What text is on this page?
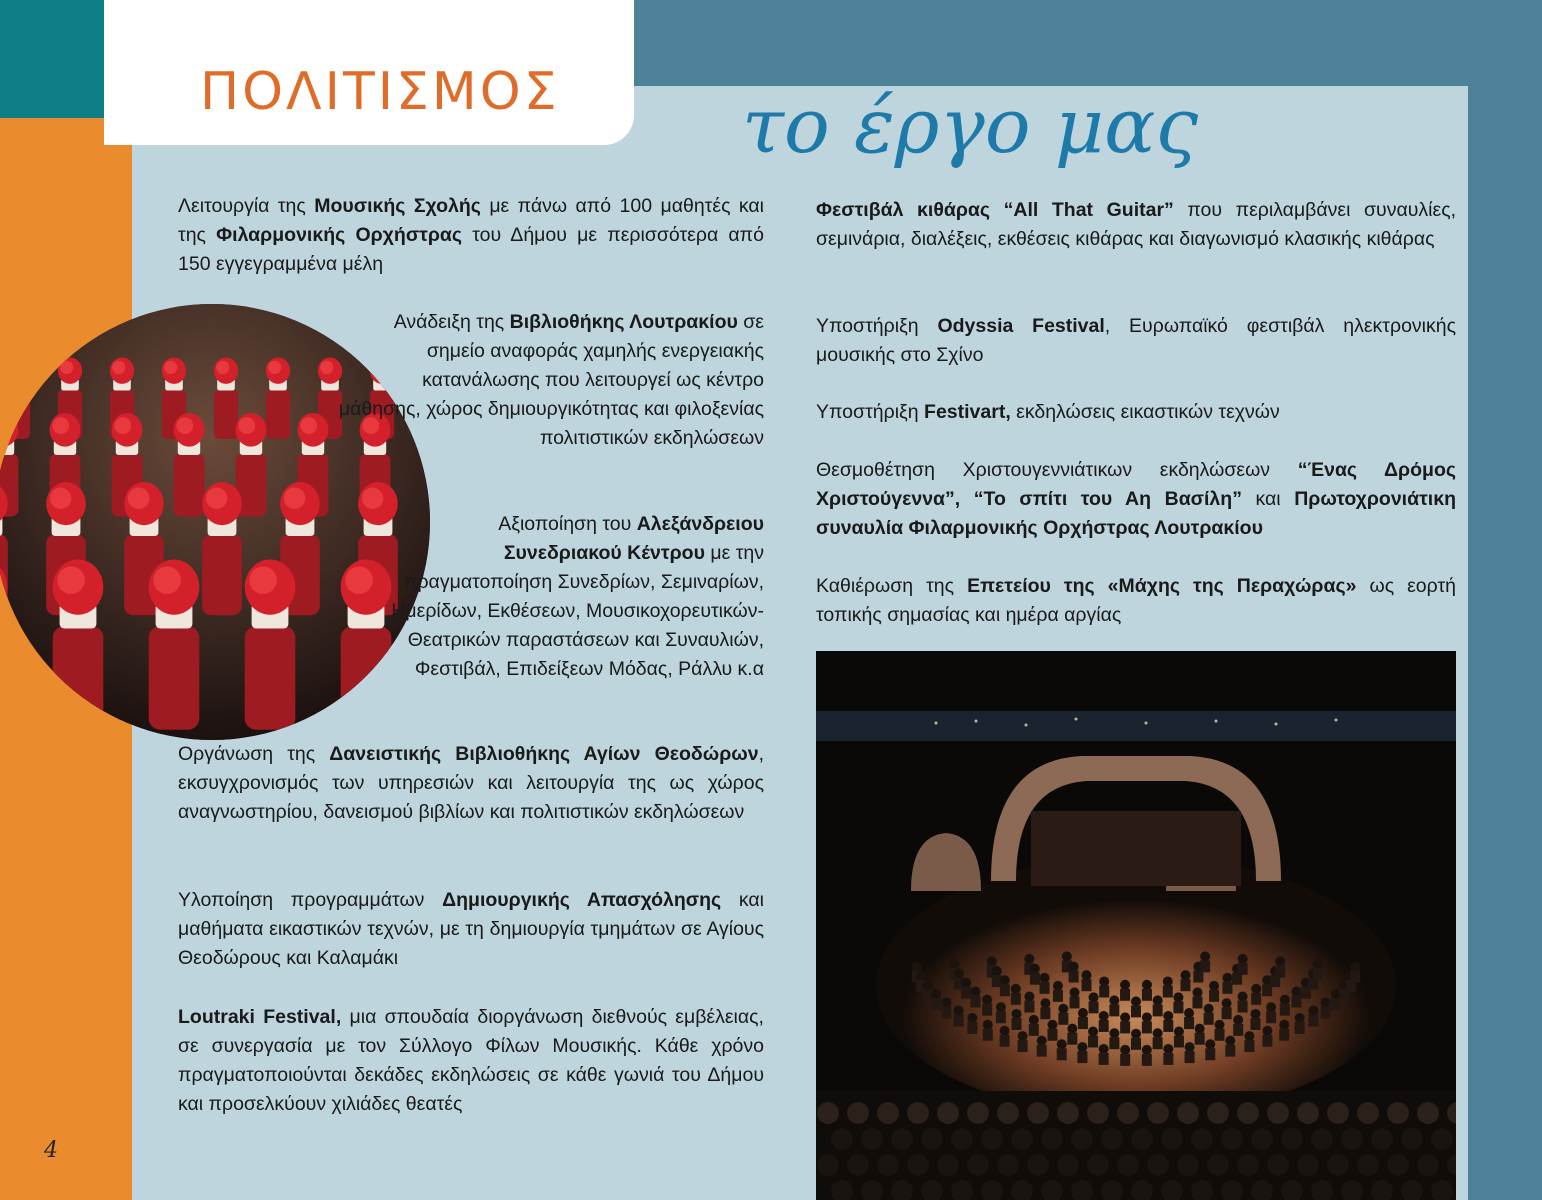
ΠΟΛΙΤΙΣΜΟΣ το έργο μας

Λειτουργία της Μουσικής Σχολής με πάνω από 100 μαθητές και της Φιλαρμονικής Ορχήστρας του Δήμου με περισσότερα από 150 εγγεγραμμένα μέλη

Ανάδειξη της Βιβλιοθήκης Λουτρακίου σε σημείο αναφοράς χαμηλής ενεργειακής κατανάλωσης που λειτουργεί ως κέντρο μάθησης, χώρος δημιουργικότητας και φιλοξενίας πολιτιστικών εκδηλώσεων

Αξιοποίηση του Αλεξάνδρειου Συνεδριακού Κέντρου με την πραγματοποίηση Συνεδρίων, Σεμιναρίων, Ημερίδων, Εκθέσεων, Μουσικοχορευτικών-Θεατρικών παραστάσεων και Συναυλιών, Φεστιβάλ, Επιδείξεων Μόδας, Ράλλυ κ.α

Οργάνωση της Δανειστικής Βιβλιοθήκης Αγίων Θεοδώρων, εκσυγχρονισμός των υπηρεσιών και λειτουργία της ως χώρος αναγνωστηρίου, δανεισμού βιβλίων και πολιτιστικών εκδηλώσεων

Υλοποίηση προγραμμάτων Δημιουργικής Απασχόλησης και μαθήματα εικαστικών τεχνών, με τη δημιουργία τμημάτων σε Αγίους Θεοδώρους και Καλαμάκι

Loutraki Festival, μια σπουδαία διοργάνωση διεθνούς εμβέλειας, σε συνεργασία με τον Σύλλογο Φίλων Μουσικής. Κάθε χρόνο πραγματοποιούνται δεκάδες εκδηλώσεις σε κάθε γωνιά του Δήμου και προσελκύουν χιλιάδες θεατές

Φεστιβάλ κιθάρας “All That Guitar” που περιλαμβάνει συναυλίες, σεμινάρια, διαλέξεις, εκθέσεις κιθάρας και διαγωνισμό κλασικής κιθάρας

Υποστήριξη Odyssia Festival, Ευρωπαϊκό φεστιβάλ ηλεκτρονικής μουσικής στο Σχίνο

Υποστήριξη Festivart, εκδηλώσεις εικαστικών τεχνών

Θεσμοθέτηση Χριστουγεννιάτικων εκδηλώσεων “Ένας Δρόμος Χριστούγεννα”, “Το σπίτι του Αη Βασίλη” και Πρωτοχρονιάτικη συναυλία Φιλαρμονικής Ορχήστρας Λουτρακίου

Καθιέρωση της Επετείου της «Μάχης της Περαχώρας» ως εορτή τοπικής σημασίας και ημέρα αργίας

4
